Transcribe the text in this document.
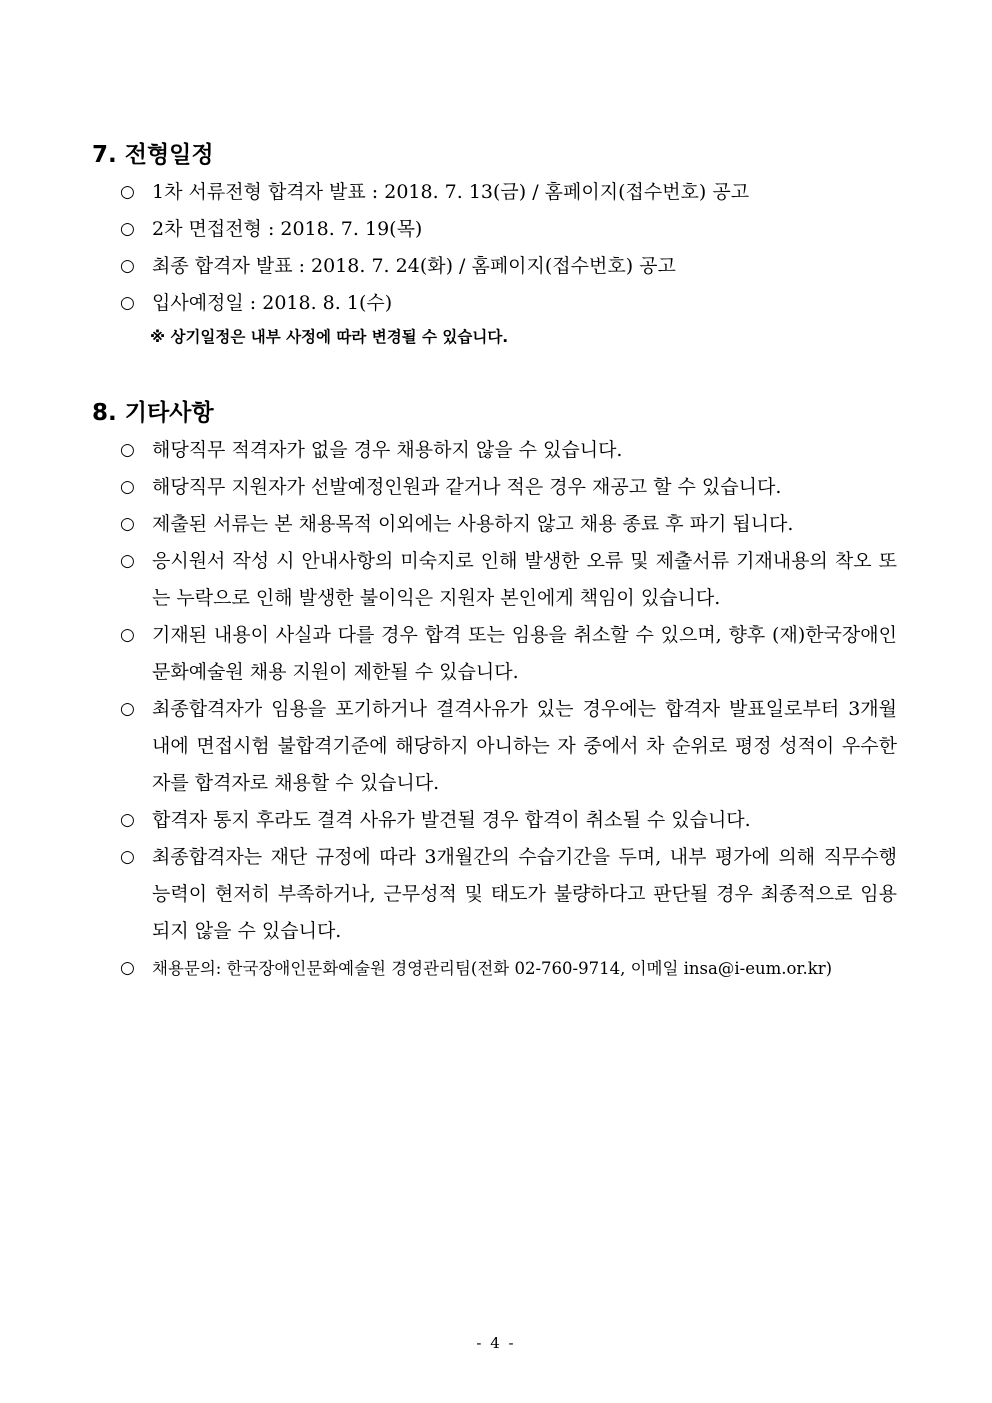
7. 전형일정
○ 1차 서류전형 합격자 발표 : 2018. 7. 13(금) / 홈페이지(접수번호) 공고
○ 2차 면접전형 : 2018. 7. 19(목)
○ 최종 합격자 발표 : 2018. 7. 24(화) / 홈페이지(접수번호) 공고
○ 입사예정일 : 2018. 8. 1(수)
※ 상기일정은 내부 사정에 따라 변경될 수 있습니다.
8. 기타사항
○ 해당직무 적격자가 없을 경우 채용하지 않을 수 있습니다.
○ 해당직무 지원자가 선발예정인원과 같거나 적은 경우 재공고 할 수 있습니다.
○ 제출된 서류는 본 채용목적 이외에는 사용하지 않고 채용 종료 후 파기 됩니다.
○ 응시원서 작성 시 안내사항의 미숙지로 인해 발생한 오류 및 제출서류 기재내용의 착오 또는 누락으로 인해 발생한 불이익은 지원자 본인에게 책임이 있습니다.
○ 기재된 내용이 사실과 다를 경우 합격 또는 임용을 취소할 수 있으며, 향후 (재)한국장애인문화예술원 채용 지원이 제한될 수 있습니다.
○ 최종합격자가 임용을 포기하거나 결격사유가 있는 경우에는 합격자 발표일로부터 3개월 내에 면접시험 불합격기준에 해당하지 아니하는 자 중에서 차 순위로 평정 성적이 우수한 자를 합격자로 채용할 수 있습니다.
○ 합격자 통지 후라도 결격 사유가 발견될 경우 합격이 취소될 수 있습니다.
○ 최종합격자는 재단 규정에 따라 3개월간의 수습기간을 두며, 내부 평가에 의해 직무수행 능력이 현저히 부족하거나, 근무성적 및 태도가 불량하다고 판단될 경우 최종적으로 임용되지 않을 수 있습니다.
○ 채용문의: 한국장애인문화예술원 경영관리팀(전화 02-760-9714, 이메일 insa@i-eum.or.kr)
- 4 -
